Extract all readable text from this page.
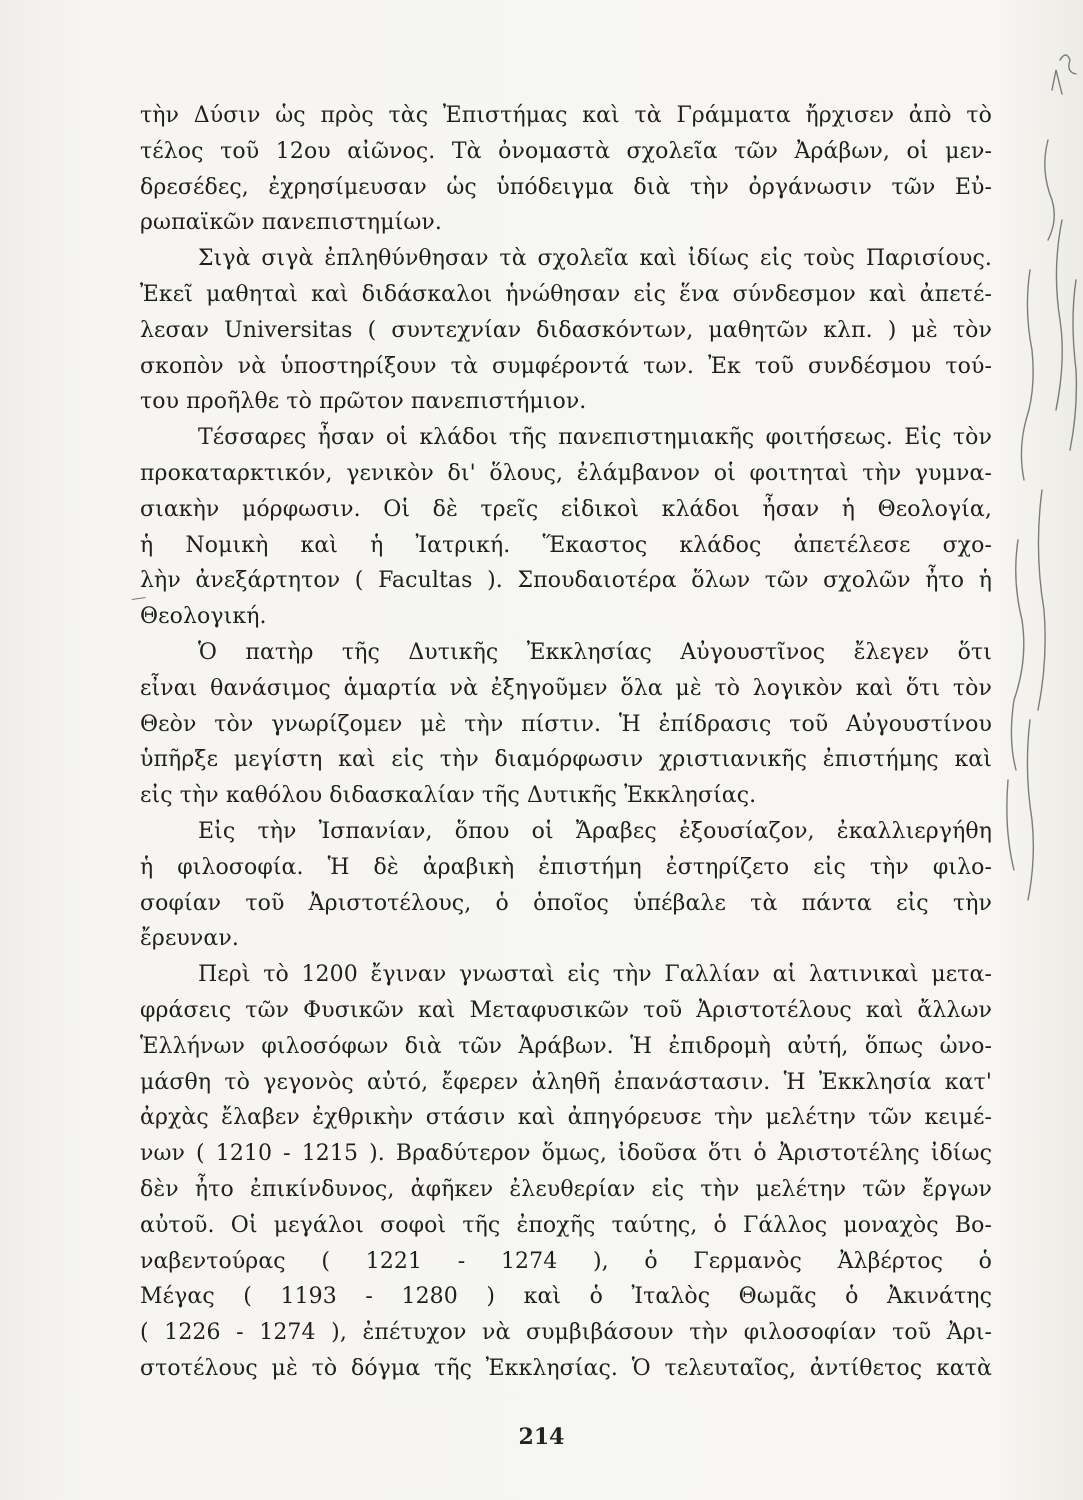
τὴν Δύσιν ὡς πρὸς τὰς Ἐπιστήμας καὶ τὰ Γράμματα ἤρχισεν ἀπὸ τὸ
τέλος τοῦ 12ου αἰῶνος. Τὰ ὀνομαστὰ σχολεῖα τῶν Ἀράβων, οἱ μεν-
δρεσέδες, ἐχρησίμευσαν ὡς ὑπόδειγμα διὰ τὴν ὀργάνωσιν τῶν Εὐ-
ρωπαϊκῶν πανεπιστημίων.
Σιγὰ σιγὰ ἐπληθύνθησαν τὰ σχολεῖα καὶ ἰδίως εἰς τοὺς Παρισίους.
Ἐκεῖ μαθηταὶ καὶ διδάσκαλοι ἡνώθησαν εἰς ἕνα σύνδεσμον καὶ ἀπετέ-
λεσαν Universitas ( συντεχνίαν διδασκόντων, μαθητῶν κλπ. ) μὲ τὸν
σκοπὸν νὰ ὑποστηρίξουν τὰ συμφέροντά των. Ἐκ τοῦ συνδέσμου τού-
του προῆλθε τὸ πρῶτον πανεπιστήμιον.
Τέσσαρες ἦσαν οἱ κλάδοι τῆς πανεπιστημιακῆς φοιτήσεως. Εἰς τὸν
προκαταρκτικόν, γενικὸν δι' ὅλους, ἐλάμβανον οἱ φοιτηταὶ τὴν γυμνα-
σιακὴν μόρφωσιν. Οἱ δὲ τρεῖς εἰδικοὶ κλάδοι ἦσαν ἡ Θεολογία,
ἡ Νομικὴ καὶ ἡ Ἰατρική. Ἕκαστος κλάδος ἀπετέλεσε σχο-
λὴν ἀνεξάρτητον ( Facultas ). Σπουδαιοτέρα ὅλων τῶν σχολῶν ἦτο ἡ
Θεολογική.
Ὁ πατὴρ τῆς Δυτικῆς Ἐκκλησίας Αὐγουστῖνος ἔλεγεν ὅτι
εἶναι θανάσιμος ἁμαρτία νὰ ἐξηγοῦμεν ὅλα μὲ τὸ λογικὸν καὶ ὅτι τὸν
Θεὸν τὸν γνωρίζομεν μὲ τὴν πίστιν. Ἡ ἐπίδρασις τοῦ Αὐγουστίνου
ὑπῆρξε μεγίστη καὶ εἰς τὴν διαμόρφωσιν χριστιανικῆς ἐπιστήμης καὶ
εἰς τὴν καθόλου διδασκαλίαν τῆς Δυτικῆς Ἐκκλησίας.
Εἰς τὴν Ἰσπανίαν, ὅπου οἱ Ἄραβες ἐξουσίαζον, ἐκαλλιεργήθη
ἡ φιλοσοφία. Ἡ δὲ ἀραβικὴ ἐπιστήμη ἐστηρίζετο εἰς τὴν φιλο-
σοφίαν τοῦ Ἀριστοτέλους, ὁ ὁποῖος ὑπέβαλε τὰ πάντα εἰς τὴν
ἔρευναν.
Περὶ τὸ 1200 ἔγιναν γνωσταὶ εἰς τὴν Γαλλίαν αἱ λατινικαὶ μετα-
φράσεις τῶν Φυσικῶν καὶ Μεταφυσικῶν τοῦ Ἀριστοτέλους καὶ ἄλλων
Ἑλλήνων φιλοσόφων διὰ τῶν Ἀράβων. Ἡ ἐπιδρομὴ αὐτή, ὅπως ὠνο-
μάσθη τὸ γεγονὸς αὐτό, ἔφερεν ἀληθῆ ἐπανάστασιν. Ἡ Ἐκκλησία κατ'
ἀρχὰς ἔλαβεν ἐχθρικὴν στάσιν καὶ ἀπηγόρευσε τὴν μελέτην τῶν κειμέ-
νων ( 1210 - 1215 ). Βραδύτερον ὅμως, ἰδοῦσα ὅτι ὁ Ἀριστοτέλης ἰδίως
δὲν ἦτο ἐπικίνδυνος, ἀφῆκεν ἐλευθερίαν εἰς τὴν μελέτην τῶν ἔργων
αὐτοῦ. Οἱ μεγάλοι σοφοὶ τῆς ἐποχῆς ταύτης, ὁ Γάλλος μοναχὸς Βο-
ναβεντούρας ( 1221 - 1274 ), ὁ Γερμανὸς Ἀλβέρτος ὁ
Μέγας ( 1193 - 1280 ) καὶ ὁ Ἰταλὸς Θωμᾶς ὁ Ἀκινάτης
( 1226 - 1274 ), ἐπέτυχον νὰ συμβιβάσουν τὴν φιλοσοφίαν τοῦ Ἀρι-
στοτέλους μὲ τὸ δόγμα τῆς Ἐκκλησίας. Ὁ τελευταῖος, ἀντίθετος κατὰ
214
